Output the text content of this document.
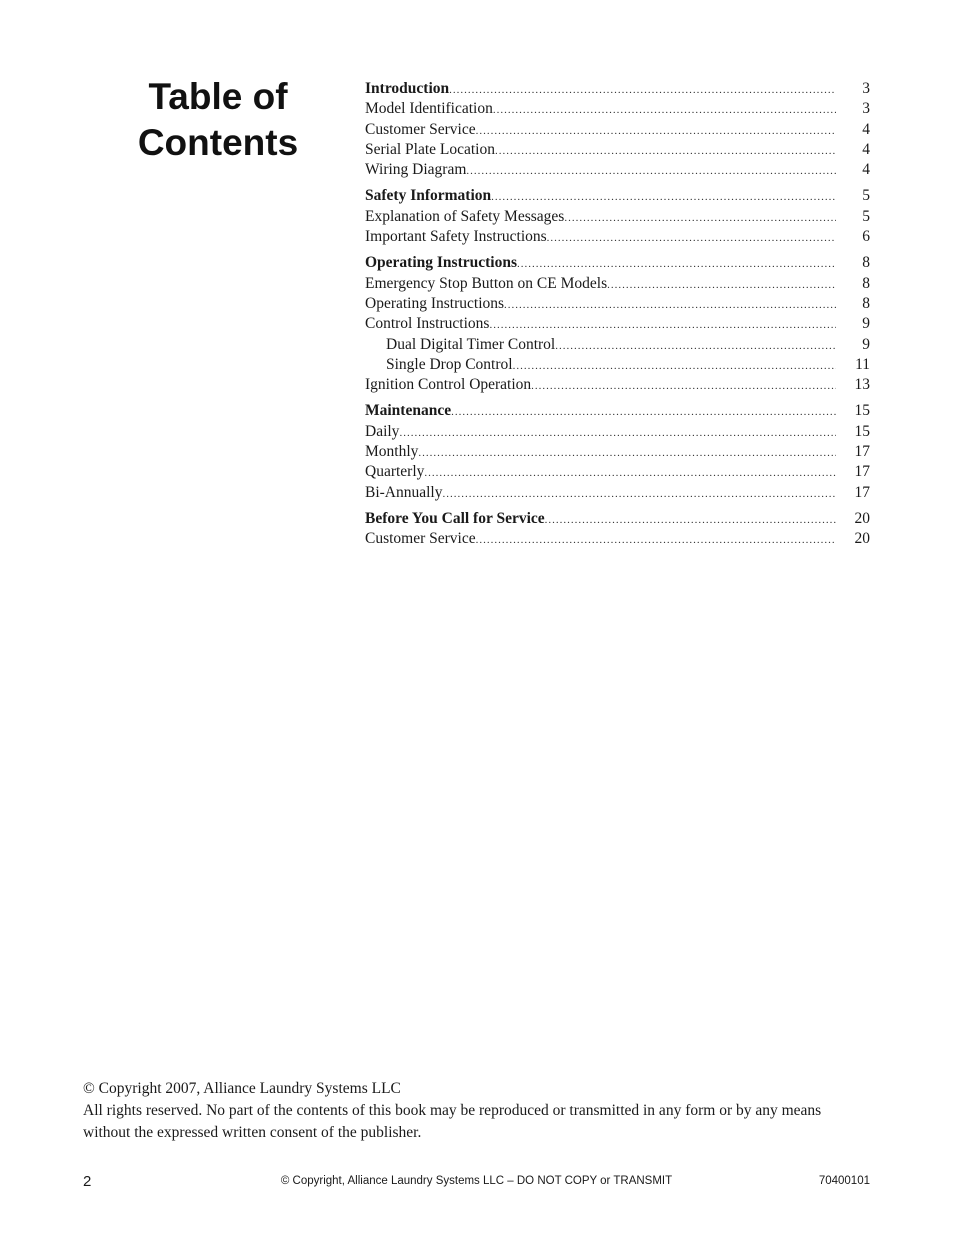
Table of
Contents
Introduction .....	3
Model Identification .....	3
Customer Service .....	4
Serial Plate Location .....	4
Wiring Diagram .....	4
Safety Information .....	5
Explanation of Safety Messages .....	5
Important Safety Instructions .....	6
Operating Instructions .....	8
Emergency Stop Button on CE Models .....	8
Operating Instructions .....	8
Control Instructions .....	9
Dual Digital Timer Control .....	9
Single Drop Control .....	11
Ignition Control Operation .....	13
Maintenance .....	15
Daily .....	15
Monthly .....	17
Quarterly .....	17
Bi-Annually .....	17
Before You Call for Service .....	20
Customer Service .....	20

© Copyright 2007, Alliance Laundry Systems LLC

All rights reserved. No part of the contents of this book may be reproduced or transmitted in any form or by any means without the expressed written consent of the publisher.

2	© Copyright, Alliance Laundry Systems LLC – DO NOT COPY or TRANSMIT	70400101
